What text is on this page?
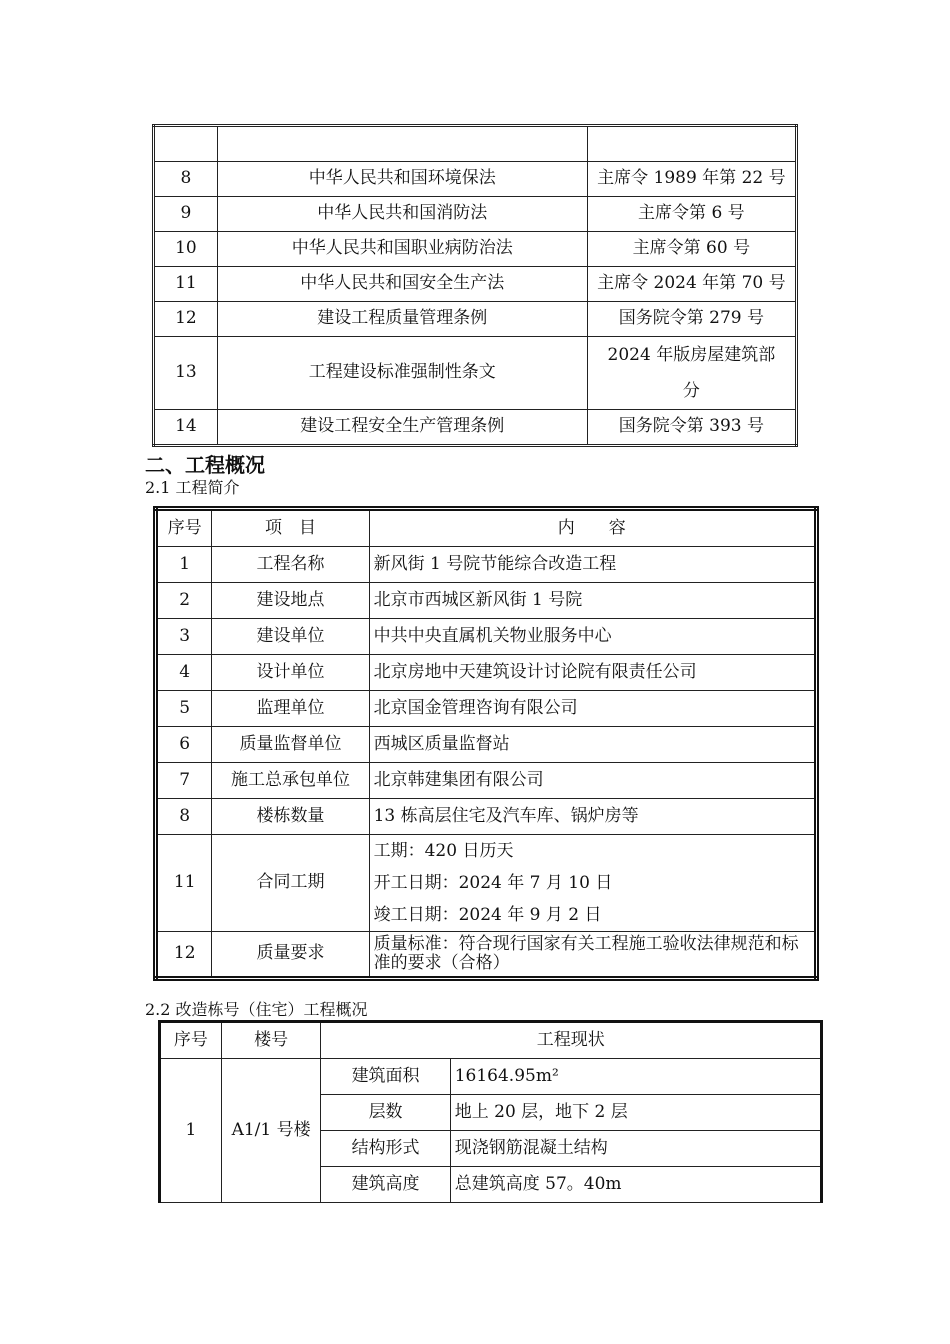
8	中华人民共和国环境保法	主席令 1989 年第 22 号
9	中华人民共和国消防法	主席令第 6 号
10	中华人民共和国职业病防治法	主席令第 60 号
11	中华人民共和国安全生产法	主席令 2024 年第 70 号
12	建设工程质量管理条例	国务院令第 279 号
13	工程建设标准强制性条文	2024 年版房屋建筑部分
14	建设工程安全生产管理条例	国务院令第 393 号
二、工程概况
2.1 工程简介
序号	项　目	内　　容
1	工程名称	新风街 1 号院节能综合改造工程
2	建设地点	北京市西城区新风街 1 号院
3	建设单位	中共中央直属机关物业服务中心
4	设计单位	北京房地中天建筑设计讨论院有限责任公司
5	监理单位	北京国金管理咨询有限公司
6	质量监督单位	西城区质量监督站
7	施工总承包单位	北京韩建集团有限公司
8	楼栋数量	13 栋高层住宅及汽车库、锅炉房等
11	合同工期	工期：420 日历天
开工日期：2024 年 7 月 10 日
竣工日期：2024 年 9 月 2 日

12	质量要求	质量标准：符合现行国家有关工程施工验收法律规范和标准的要求（合格）
2.2 改造栋号（住宅）工程概况
序号	楼号	工程现状	
1	A1/1 号楼	建筑面积	16164.95m²
		层数	地上 20 层，地下 2 层
		结构形式	现浇钢筋混凝土结构
		建筑高度	总建筑高度 57。40m
